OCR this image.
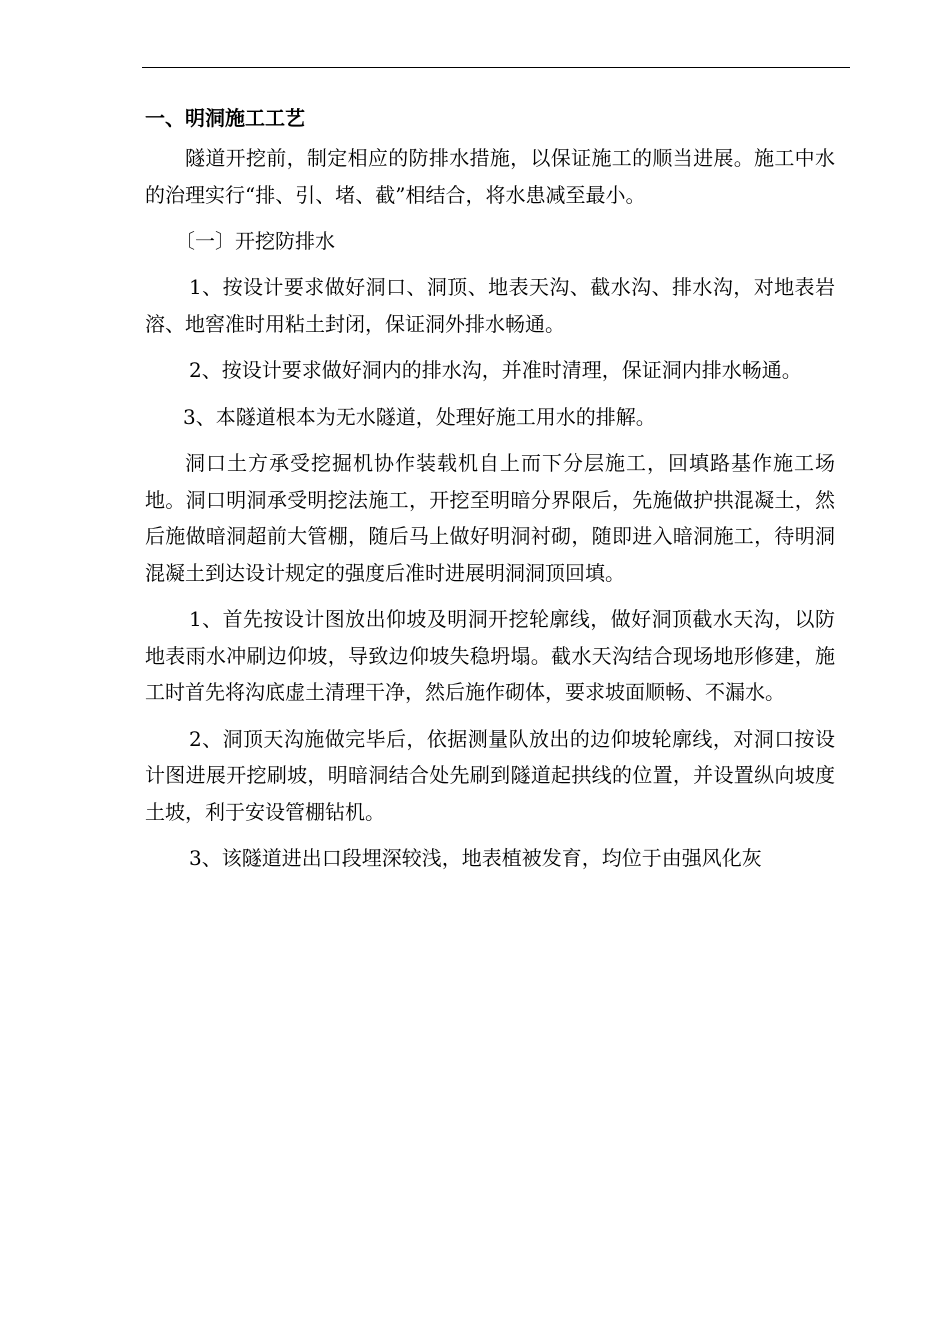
一、明洞施工工艺

隧道开挖前，制定相应的防排水措施，以保证施工的顺当进展。施工中水的治理实行“排、引、堵、截”相结合，将水患减至最小。

〔一〕开挖防排水

1、按设计要求做好洞口、洞顶、地表天沟、截水沟、排水沟，对地表岩溶、地窖准时用粘土封闭，保证洞外排水畅通。

2、按设计要求做好洞内的排水沟，并准时清理，保证洞内排水畅通。

3、本隧道根本为无水隧道，处理好施工用水的排解。

洞口土方承受挖掘机协作装载机自上而下分层施工，回填路基作施工场地。洞口明洞承受明挖法施工，开挖至明暗分界限后，先施做护拱混凝土，然后施做暗洞超前大管棚，随后马上做好明洞衬砌，随即进入暗洞施工，待明洞混凝土到达设计规定的强度后准时进展明洞洞顶回填。

1、首先按设计图放出仰坡及明洞开挖轮廓线，做好洞顶截水天沟，以防地表雨水冲刷边仰坡，导致边仰坡失稳坍塌。截水天沟结合现场地形修建，施工时首先将沟底虚土清理干净，然后施作砌体，要求坡面顺畅、不漏水。

2、洞顶天沟施做完毕后，依据测量队放出的边仰坡轮廓线，对洞口按设计图进展开挖刷坡，明暗洞结合处先刷到隧道起拱线的位置，并设置纵向坡度土坡，利于安设管棚钻机。

3、该隧道进出口段埋深较浅，地表植被发育，均位于由强风化灰
